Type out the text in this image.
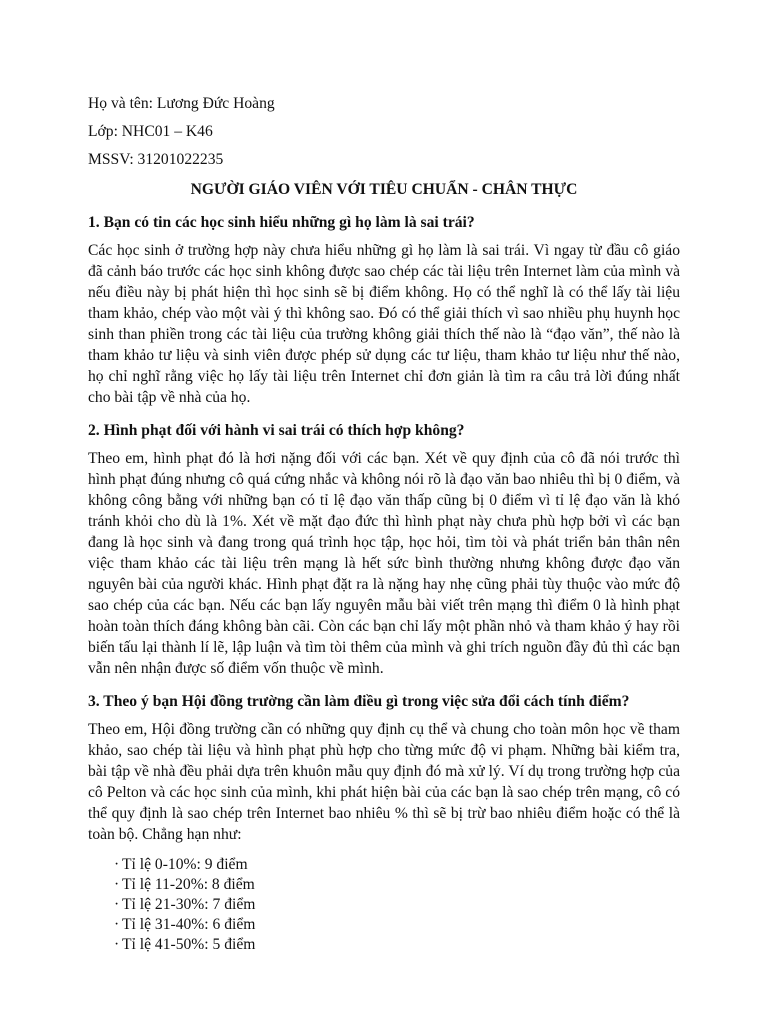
Họ và tên: Lương Đức Hoàng

Lớp: NHC01 – K46

MSSV: 31201022235

NGƯỜI GIÁO VIÊN VỚI TIÊU CHUẨN - CHÂN THỰC
1. Bạn có tin các học sinh hiểu những gì họ làm là sai trái?

Các học sinh ở trường hợp này chưa hiểu những gì họ làm là sai trái. Vì ngay từ đầu cô giáo đã cảnh báo trước các học sinh không được sao chép các tài liệu trên Internet làm của mình và nếu điều này bị phát hiện thì học sinh sẽ bị điểm không. Họ có thể nghĩ là có thể lấy tài liệu tham khảo, chép vào một vài ý thì không sao. Đó có thể giải thích vì sao nhiều phụ huynh học sinh than phiền trong các tài liệu của trường không giải thích thế nào là “đạo văn”, thế nào là tham khảo tư liệu và sinh viên được phép sử dụng các tư liệu, tham khảo tư liệu như thế nào, họ chỉ nghĩ rằng việc họ lấy tài liệu trên Internet chỉ đơn giản là tìm ra câu trả lời đúng nhất cho bài tập về nhà của họ.

2. Hình phạt đối với hành vi sai trái có thích hợp không?

Theo em, hình phạt đó là hơi nặng đối với các bạn. Xét về quy định của cô đã nói trước thì hình phạt đúng nhưng cô quá cứng nhắc và không nói rõ là đạo văn bao nhiêu thì bị 0 điểm, và không công bằng với những bạn có tỉ lệ đạo văn thấp cũng bị 0 điểm vì tỉ lệ đạo văn là khó tránh khỏi cho dù là 1%. Xét về mặt đạo đức thì hình phạt này chưa phù hợp bởi vì các bạn đang là học sinh và đang trong quá trình học tập, học hỏi, tìm tòi và phát triển bản thân nên việc tham khảo các tài liệu trên mạng là hết sức bình thường nhưng không được đạo văn nguyên bài của người khác. Hình phạt đặt ra là nặng hay nhẹ cũng phải tùy thuộc vào mức độ sao chép của các bạn. Nếu các bạn lấy nguyên mẫu bài viết trên mạng thì điểm 0 là hình phạt hoàn toàn thích đáng không bàn cãi. Còn các bạn chỉ lấy một phần nhỏ và tham khảo ý hay rồi biến tấu lại thành lí lẽ, lập luận và tìm tòi thêm của mình và ghi trích nguồn đầy đủ thì các bạn vẫn nên nhận được số điểm vốn thuộc về mình.

3. Theo ý bạn Hội đồng trường cần làm điều gì trong việc sửa đổi cách tính điểm?

Theo em, Hội đồng trường cần có những quy định cụ thể và chung cho toàn môn học về tham khảo, sao chép tài liệu và hình phạt phù hợp cho từng mức độ vi phạm. Những bài kiểm tra, bài tập về nhà đều phải dựa trên khuôn mẫu quy định đó mà xử lý. Ví dụ trong trường hợp của cô Pelton và các học sinh của mình, khi phát hiện bài của các bạn là sao chép trên mạng, cô có thể quy định là sao chép trên Internet bao nhiêu % thì sẽ bị trừ bao nhiêu điểm hoặc có thể là toàn bộ. Chẳng hạn như:

· Tỉ lệ 0-10%: 9 điểm
· Tỉ lệ 11-20%: 8 điểm
· Tỉ lệ 21-30%: 7 điểm
· Tỉ lệ 31-40%: 6 điểm
· Tỉ lệ 41-50%: 5 điểm
